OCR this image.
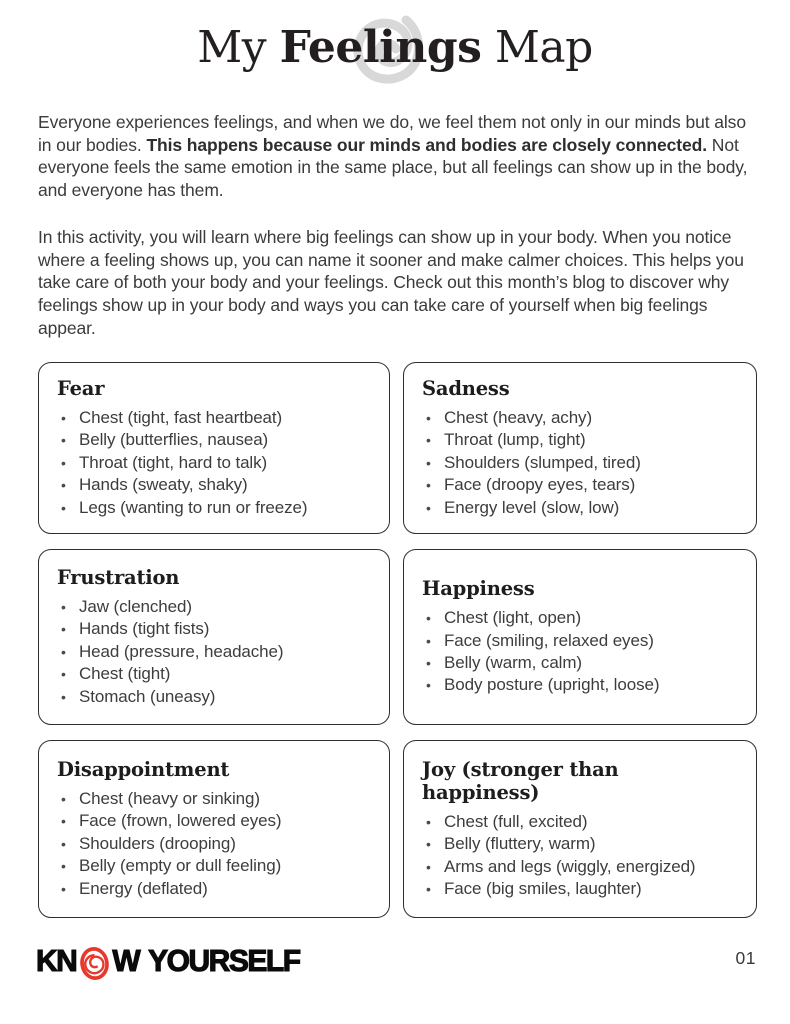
My Feelings Map

Everyone experiences feelings, and when we do, we feel them not only in our minds but also in our bodies. This happens because our minds and bodies are closely connected. Not everyone feels the same emotion in the same place, but all feelings can show up in the body, and everyone has them.

In this activity, you will learn where big feelings can show up in your body. When you notice where a feeling shows up, you can name it sooner and make calmer choices. This helps you take care of both your body and your feelings. Check out this month’s blog to discover why feelings show up in your body and ways you can take care of yourself when big feelings appear.

Fear
• Chest (tight, fast heartbeat)
• Belly (butterflies, nausea)
• Throat (tight, hard to talk)
• Hands (sweaty, shaky)
• Legs (wanting to run or freeze)
Sadness
• Chest (heavy, achy)
• Throat (lump, tight)
• Shoulders (slumped, tired)
• Face (droopy eyes, tears)
• Energy level (slow, low)
Frustration
• Jaw (clenched)
• Hands (tight fists)
• Head (pressure, headache)
• Chest (tight)
• Stomach (uneasy)
Happiness
• Chest (light, open)
• Face (smiling, relaxed eyes)
• Belly (warm, calm)
• Body posture (upright, loose)
Disappointment
• Chest (heavy or sinking)
• Face (frown, lowered eyes)
• Shoulders (drooping)
• Belly (empty or dull feeling)
• Energy (deflated)
Joy (stronger than happiness)
• Chest (full, excited)
• Belly (fluttery, warm)
• Arms and legs (wiggly, energized)
• Face (big smiles, laughter)
KN W YOURSELF	01
